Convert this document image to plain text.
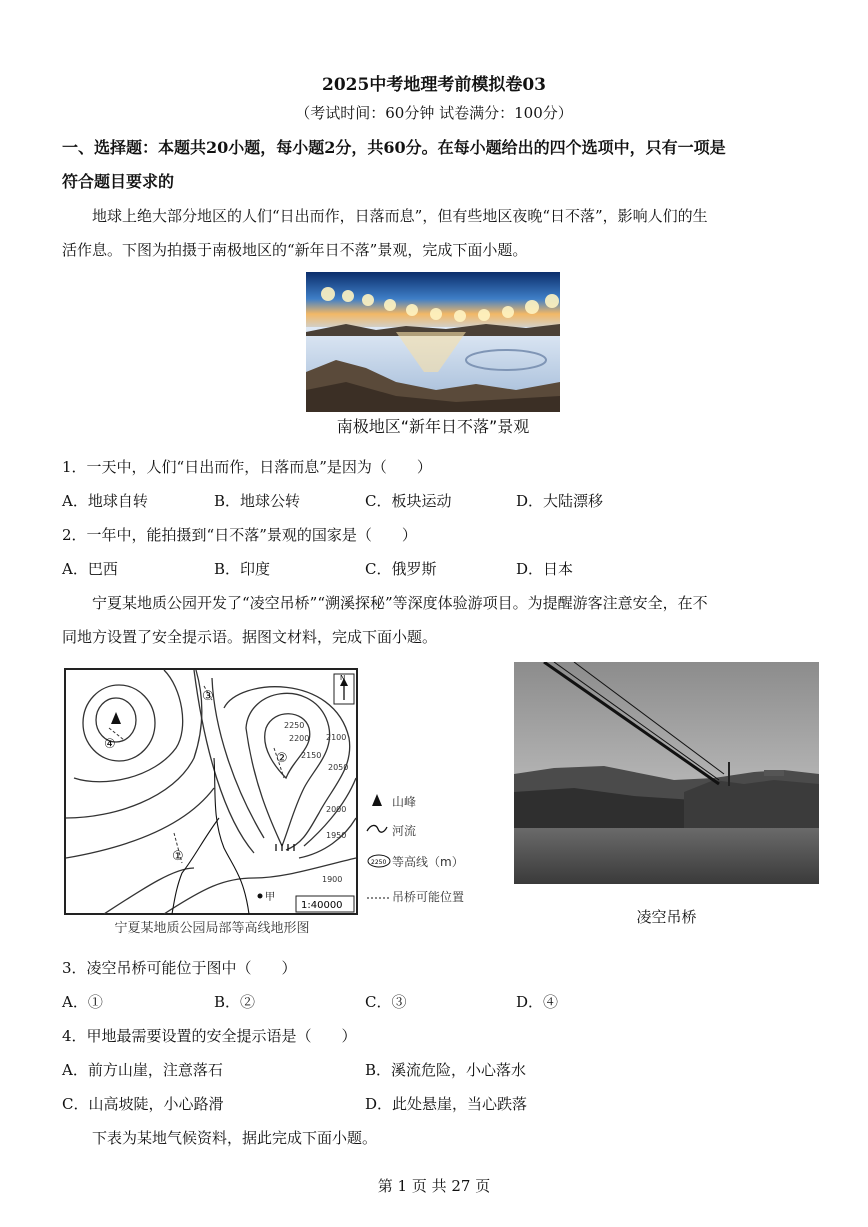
2025中考地理考前模拟卷03
（考试时间：60分钟 试卷满分：100分）
一、选择题：本题共20小题，每小题2分，共60分。在每小题给出的四个选项中，只有一项是
符合题目要求的
地球上绝大部分地区的人们“日出而作，日落而息”，但有些地区夜晚“日不落”，影响人们的生
活作息。下图为拍摄于南极地区的“新年日不落”景观，完成下面小题。
南极地区“新年日不落”景观
1．一天中，人们“日出而作，日落而息”是因为（　　）
A．地球自转	B．地球公转	C．板块运动	D．大陆漂移
2．一年中，能拍摄到“日不落”景观的国家是（　　）
A．巴西	B．印度	C．俄罗斯	D．日本
宁夏某地质公园开发了“凌空吊桥”“溯溪探秘”等深度体验游项目。为提醒游客注意安全，在不
同地方设置了安全提示语。据图文材料，完成下面小题。
N
1:40000
2250
2200
2150
2100
2050
2000
1950
1900
①
②
③
④
甲
山峰
河流
2250 等高线（m）
吊桥可能位置
宁夏某地质公园局部等高线地形图
凌空吊桥
3．凌空吊桥可能位于图中（　　）
A．①	B．②	C．③	D．④
4．甲地最需要设置的安全提示语是（　　）
A．前方山崖，注意落石	B．溪流危险，小心落水
C．山高坡陡，小心路滑	D．此处悬崖，当心跌落
下表为某地气候资料，据此完成下面小题。
第 1 页 共 27 页
